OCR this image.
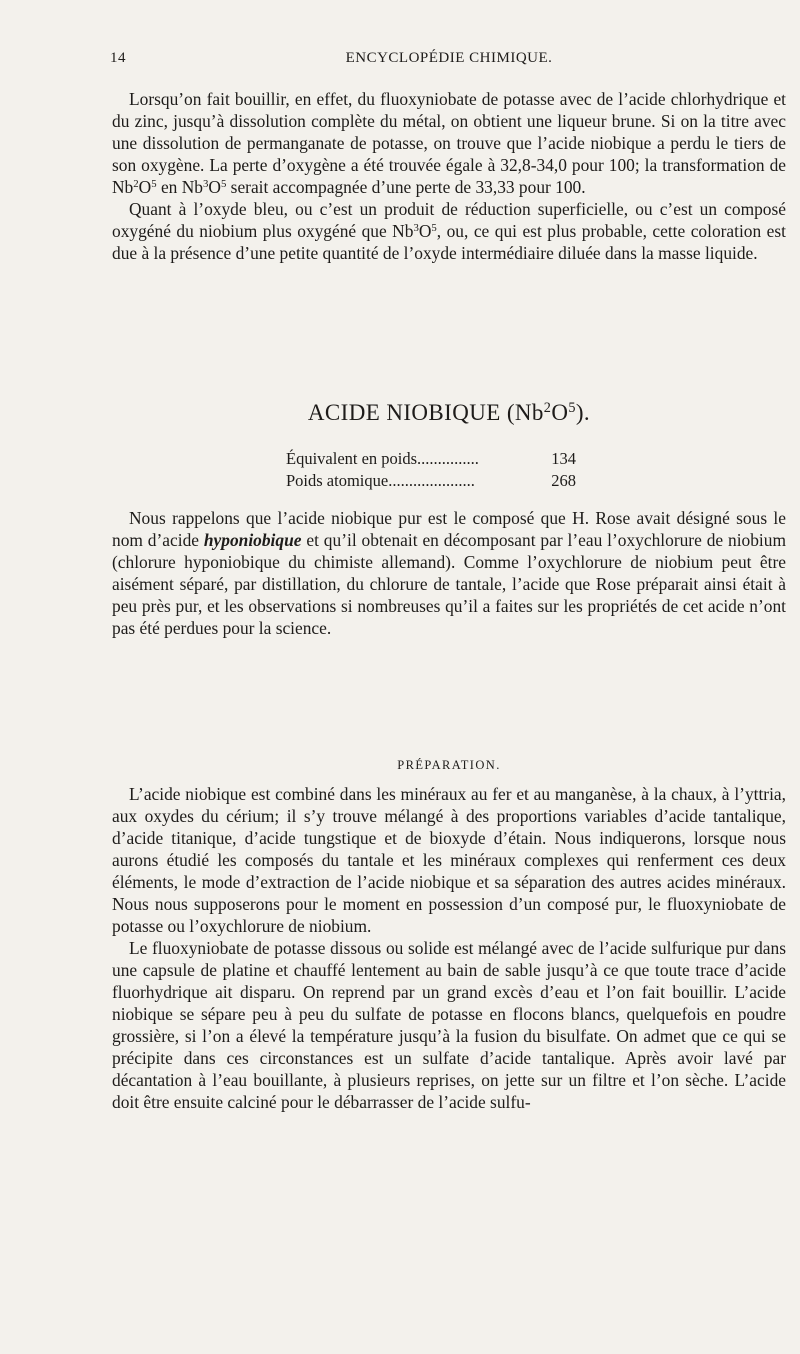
14	ENCYCLOPÉDIE CHIMIQUE.

Lorsqu’on fait bouillir, en effet, du fluoxyniobate de potasse avec de l’acide chlorhydrique et du zinc, jusqu’à dissolution complète du métal, on obtient une liqueur brune. Si on la titre avec une dissolution de permanganate de potasse, on trouve que l’acide niobique a perdu le tiers de son oxygène. La perte d’oxygène a été trouvée égale à 32,8-34,0 pour 100; la transformation de $Nb^2O^5$ en $Nb^3O^5$ serait accompagnée d’une perte de 33,33 pour 100.

Quant à l’oxyde bleu, ou c’est un produit de réduction superficielle, ou c’est un composé oxygéné du niobium plus oxygéné que $Nb^3O^5$, ou, ce qui est plus probable, cette coloration est due à la présence d’une petite quantité de l’oxyde intermédiaire diluée dans la masse liquide.

ACIDE NIOBIQUE $(Nb^2O^5)$.
Équivalent en poids...............	134
Poids atomique.....................	268

Nous rappelons que l’acide niobique pur est le composé que H. Rose avait désigné sous le nom d’acide hyponiobique et qu’il obtenait en décomposant par l’eau l’oxychlorure de niobium (chlorure hyponiobique du chimiste allemand). Comme l’oxychlorure de niobium peut être aisément séparé, par distillation, du chlorure de tantale, l’acide que Rose préparait ainsi était à peu près pur, et les observations si nombreuses qu’il a faites sur les propriétés de cet acide n’ont pas été perdues pour la science.

PRÉPARATION.

L’acide niobique est combiné dans les minéraux au fer et au manganèse, à la chaux, à l’yttria, aux oxydes du cérium; il s’y trouve mélangé à des proportions variables d’acide tantalique, d’acide titanique, d’acide tungstique et de bioxyde d’étain. Nous indiquerons, lorsque nous aurons étudié les composés du tantale et les minéraux complexes qui renferment ces deux éléments, le mode d’extraction de l’acide niobique et sa séparation des autres acides minéraux. Nous nous supposerons pour le moment en possession d’un composé pur, le fluoxyniobate de potasse ou l’oxychlorure de niobium.

Le fluoxyniobate de potasse dissous ou solide est mélangé avec de l’acide sulfurique pur dans une capsule de platine et chauffé lentement au bain de sable jusqu’à ce que toute trace d’acide fluorhydrique ait disparu. On reprend par un grand excès d’eau et l’on fait bouillir. L’acide niobique se sépare peu à peu du sulfate de potasse en flocons blancs, quelquefois en poudre grossière, si l’on a élevé la température jusqu’à la fusion du bisulfate. On admet que ce qui se précipite dans ces circonstances est un sulfate d’acide tantalique. Après avoir lavé par décantation à l’eau bouillante, à plusieurs reprises, on jette sur un filtre et l’on sèche. L’acide doit être ensuite calciné pour le débarrasser de l’acide sulfu-
